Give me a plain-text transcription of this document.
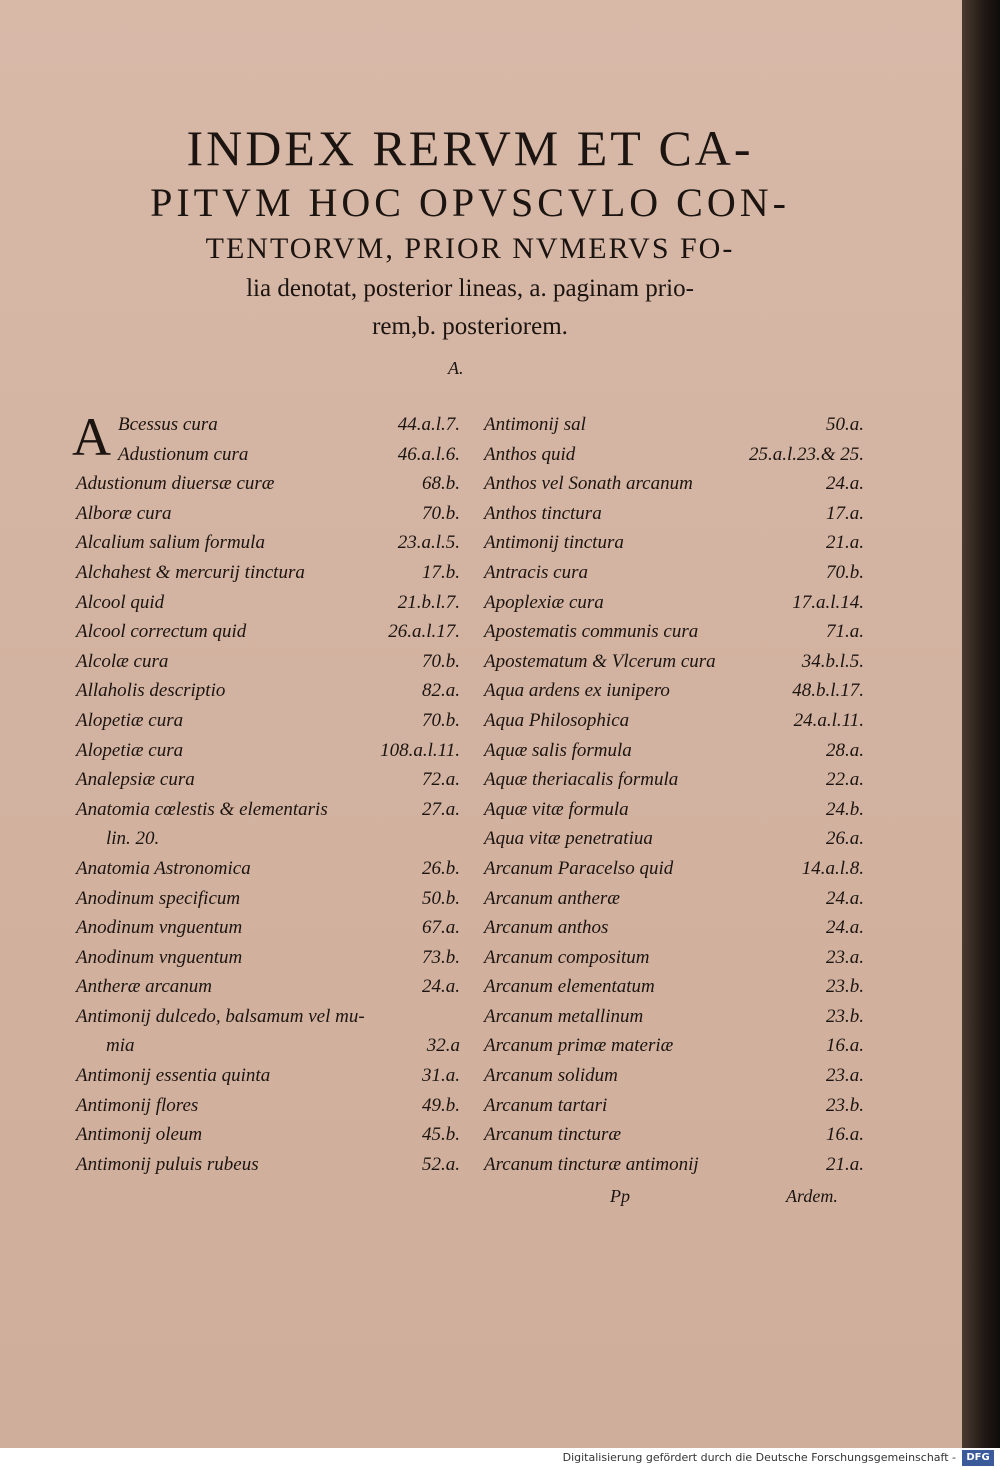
INDEX RERVM ET CA-
PITVM HOC OPVSCVLO CON-
TENTORVM, PRIOR NVMERVS FO-
lia denotat, posterior lineas, a. paginam prio-
rem,b. posteriorem.
A.
A Bcessus cura	44.a.l.7.
Adustionum cura	46.a.l.6.
Adustionum diuersæ curæ	68.b.
Alboræ cura	70.b.
Alcalium salium formula	23.a.l.5.
Alchahest & mercurij tinctura	17.b.
Alcool quid	21.b.l.7.
Alcool correctum quid	26.a.l.17.
Alcolæ cura	70.b.
Allaholis descriptio	82.a.
Alopetiæ cura	70.b.
Alopetiæ cura	108.a.l.11.
Analepsiæ cura	72.a.
Anatomia cœlestis & elementaris	27.a.
lin. 20.
Anatomia Astronomica	26.b.
Anodinum specificum	50.b.
Anodinum vnguentum	67.a.
Anodinum vnguentum	73.b.
Antheræ arcanum	24.a.
Antimonij dulcedo, balsamum vel mu-
mia	32.a
Antimonij essentia quinta	31.a.
Antimonij flores	49.b.
Antimonij oleum	45.b.
Antimonij puluis rubeus	52.a.
Antimonij sal	50.a.
Anthos quid	25.a.l.23.& 25.
Anthos vel Sonath arcanum	24.a.
Anthos tinctura	17.a.
Antimonij tinctura	21.a.
Antracis cura	70.b.
Apoplexiæ cura	17.a.l.14.
Apostematis communis cura	71.a.
Apostematum & Vlcerum cura	34.b.l.5.
Aqua ardens ex iunipero	48.b.l.17.
Aqua Philosophica	24.a.l.11.
Aquæ salis formula	28.a.
Aquæ theriacalis formula	22.a.
Aquæ vitæ formula	24.b.
Aqua vitæ penetratiua	26.a.
Arcanum Paracelso quid	14.a.l.8.
Arcanum antheræ	24.a.
Arcanum anthos	24.a.
Arcanum compositum	23.a.
Arcanum elementatum	23.b.
Arcanum metallinum	23.b.
Arcanum primæ materiæ	16.a.
Arcanum solidum	23.a.
Arcanum tartari	23.b.
Arcanum tincturæ	16.a.
Arcanum tincturæ antimonij	21.a.
Pp	Ardem.
Digitalisierung gefördert durch die Deutsche Forschungsgemeinschaft -	DFG
